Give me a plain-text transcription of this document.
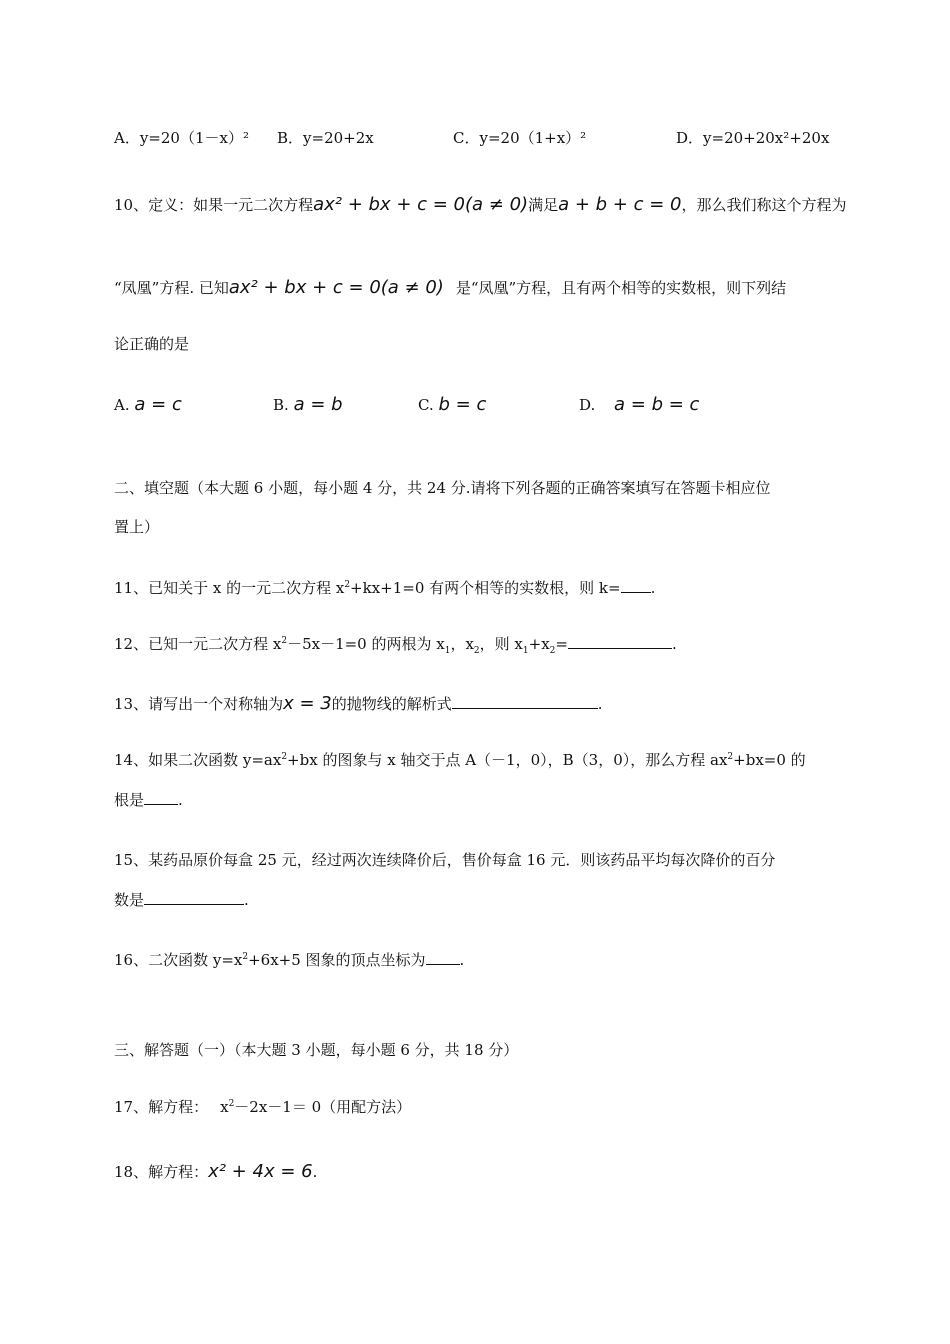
A．y=20（1－x）² B．y=20+2x	C．y=20（1+x）²	D．y=20+20x²+20x
10、定义：如果一元二次方程ax² + bx + c = 0(a ≠ 0)满足a + b + c = 0，那么我们称这个方程为
“凤凰”方程. 已知ax² + bx + c = 0(a ≠ 0) 是“凤凰”方程，且有两个相等的实数根，则下列结
论正确的是
A. a = c	B. a = b	C. b = c	D. a = b = c
二、填空题（本大题 6 小题，每小题 4 分，共 24 分.请将下列各题的正确答案填写在答题卡相应位
置上）
11、已知关于 x 的一元二次方程 $x^2+kx+1=0$ 有两个相等的实数根，则 k= .
12、已知一元二次方程 $x^2-5x-1=0$ 的两根为 $x_1$，$x_2$，则 $x_1+x_2=$	.
13、请写出一个对称轴为x = 3的抛物线的解析式	.
14、如果二次函数 $y=ax^2+bx$ 的图象与 x 轴交于点 A（－1，0），B（3，0），那么方程 $ax^2+bx=0$ 的
根是 .
15、某药品原价每盒 25 元，经过两次连续降价后，售价每盒 16 元．则该药品平均每次降价的百分
数是	.
16、二次函数 $y=x^2+6x+5$ 图象的顶点坐标为 .
三、解答题（一）（本大题 3 小题，每小题 6 分，共 18 分）
17、解方程： $x^2-2x-1= 0$（用配方法）
18、解方程：x² + 4x = 6.
